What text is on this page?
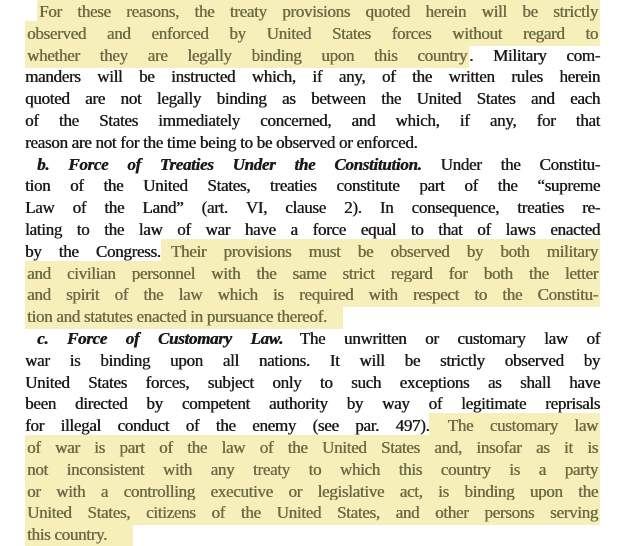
For these reasons, the treaty provisions quoted herein will be strictly
observed and enforced by United States forces without regard to
whether they are legally binding upon this country . Military com-
manders will be instructed which, if any, of the written rules herein
quoted are not legally binding as between the United States and each
of the States immediately concerned, and which, if any, for that
reason are not for the time being to be observed or enforced.
b. Force of Treaties Under the Constitution. Under the Constitu-
tion of the United States, treaties constitute part of the “supreme
Law of the Land” (art. VI, clause 2). In consequence, treaties re-
lating to the law of war have a force equal to that of laws enacted
by the Congress. Their provisions must be observed by both military
and civilian personnel with the same strict regard for both the letter
and spirit of the law which is required with respect to the Constitu-
tion and statutes enacted in pursuance thereof.
c. Force of Customary Law. The unwritten or customary law of
war is binding upon all nations. It will be strictly observed by
United States forces, subject only to such exceptions as shall have
been directed by competent authority by way of legitimate reprisals
for illegal conduct of the enemy (see par. 497). The customary law
of war is part of the law of the United States and, insofar as it is
not inconsistent with any treaty to which this country is a party
or with a controlling executive or legislative act, is binding upon the
United States, citizens of the United States, and other persons serving
this country.
